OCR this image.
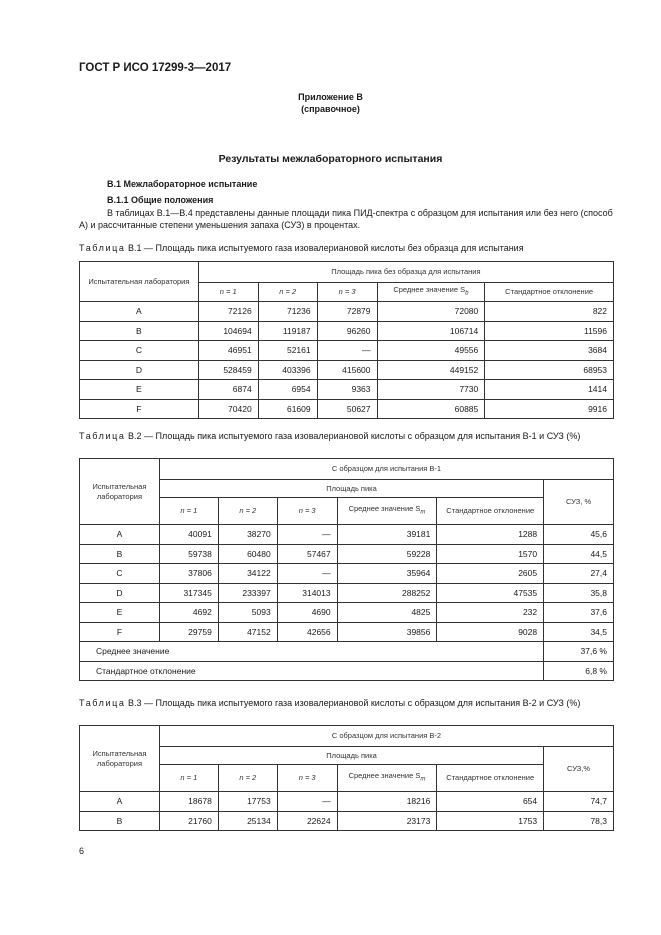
ГОСТ Р ИСО 17299-3—2017
Приложение В
(справочное)
Результаты межлабораторного испытания
В.1 Межлабораторное испытание
В.1.1 Общие положения
В таблицах В.1—В.4 представлены данные площади пика ПИД-спектра с образцом для испытания или без него (способ А) и рассчитанные степени уменьшения запаха (СУЗ) в процентах.
Таблица В.1 — Площадь пика испытуемого газа изовалериановой кислоты без образца для испытания
Испытательная лаборатория	Площадь пика без образца для испытания				
	n = 1	n = 2	n = 3	Среднее значение $S_b$	Стандартное отклонение
A	72126	71236	72879	72080	822
B	104694	119187	96260	106714	11596
C	46951	52161	—	49556	3684
D	528459	403396	415600	449152	68953
E	6874	6954	9363	7730	1414
F	70420	61609	50627	60885	9916
Таблица В.2 — Площадь пика испытуемого газа изовалериановой кислоты с образцом для испытания В-1 и СУЗ (%)
Испытательная лаборатория	С образцом для испытания В-1					
	Площадь пика					СУЗ, %
	n = 1	n = 2	n = 3	Среднее значение $S_m$	Стандартное отклонение	
A	40091	38270	—	39181	1288	45,6
B	59738	60480	57467	59228	1570	44,5
C	37806	34122	—	35964	2605	27,4
D	317345	233397	314013	288252	47535	35,8
E	4692	5093	4690	4825	232	37,6
F	29759	47152	42656	39856	9028	34,5
Среднее значение						37,6 %
Стандартное отклонение						6,8 %
Таблица В.3 — Площадь пика испытуемого газа изовалериановой кислоты с образцом для испытания В-2 и СУЗ (%)
Испытательная лаборатория	С образцом для испытания В-2					
	Площадь пика					СУЗ,%
	n = 1	n = 2	n = 3	Среднее значение $S_m$	Стандартное отклонение	
A	18678	17753	—	18216	654	74,7
B	21760	25134	22624	23173	1753	78,3
6
